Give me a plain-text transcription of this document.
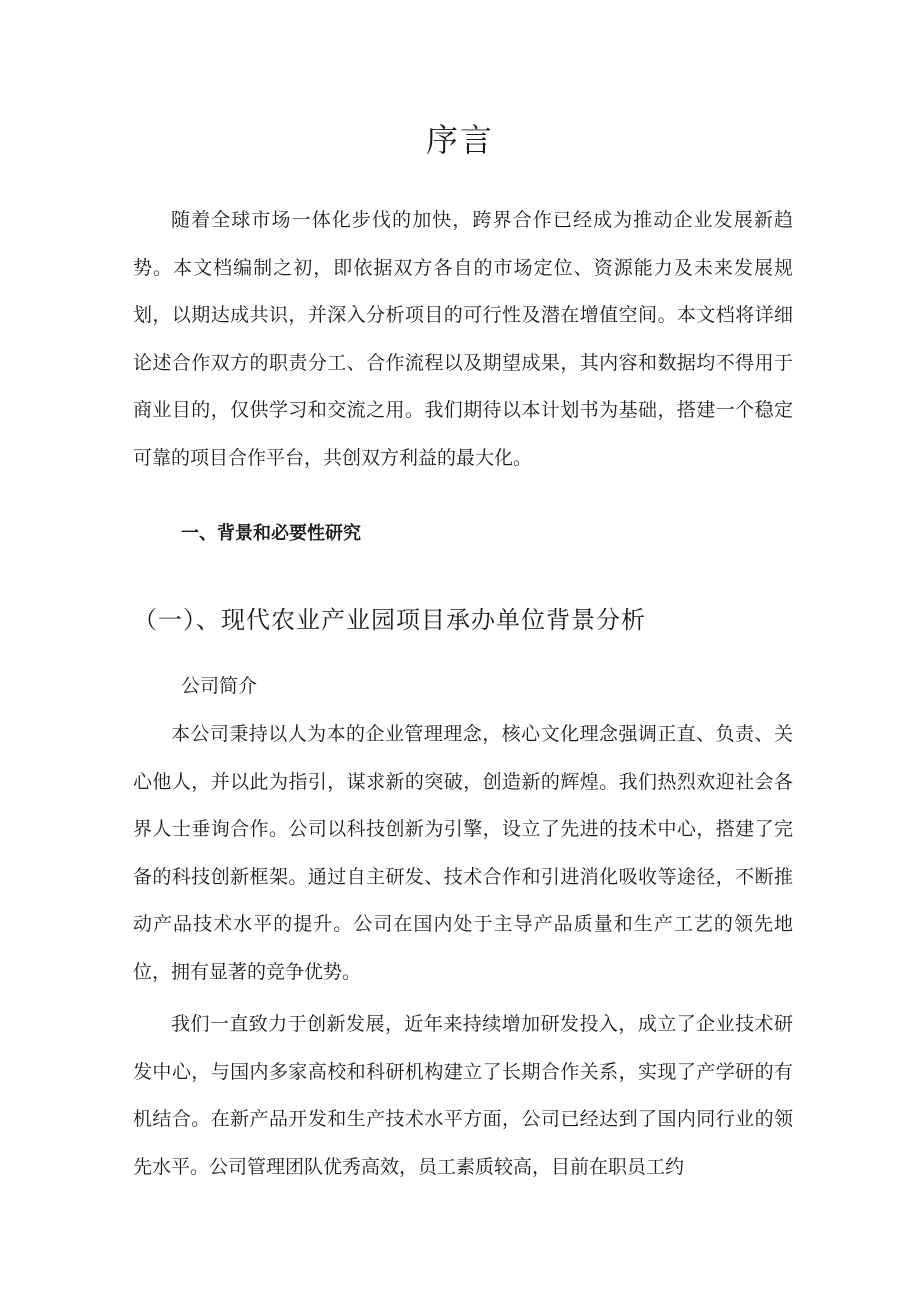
序言

随着全球市场一体化步伐的加快，跨界合作已经成为推动企业发展新趋势。本文档编制之初，即依据双方各自的市场定位、资源能力及未来发展规划，以期达成共识，并深入分析项目的可行性及潜在增值空间。本文档将详细论述合作双方的职责分工、合作流程以及期望成果，其内容和数据均不得用于商业目的，仅供学习和交流之用。我们期待以本计划书为基础，搭建一个稳定可靠的项目合作平台，共创双方利益的最大化。

一、背景和必要性研究
（一）、现代农业产业园项目承办单位背景分析
公司简介

本公司秉持以人为本的企业管理理念，核心文化理念强调正直、负责、关心他人，并以此为指引，谋求新的突破，创造新的辉煌。我们热烈欢迎社会各界人士垂询合作。公司以科技创新为引擎，设立了先进的技术中心，搭建了完备的科技创新框架。通过自主研发、技术合作和引进消化吸收等途径，不断推动产品技术水平的提升。公司在国内处于主导产品质量和生产工艺的领先地位，拥有显著的竞争优势。

我们一直致力于创新发展，近年来持续增加研发投入，成立了企业技术研发中心，与国内多家高校和科研机构建立了长期合作关系，实现了产学研的有机结合。在新产品开发和生产技术水平方面，公司已经达到了国内同行业的领先水平。公司管理团队优秀高效，员工素质较高，目前在职员工约
